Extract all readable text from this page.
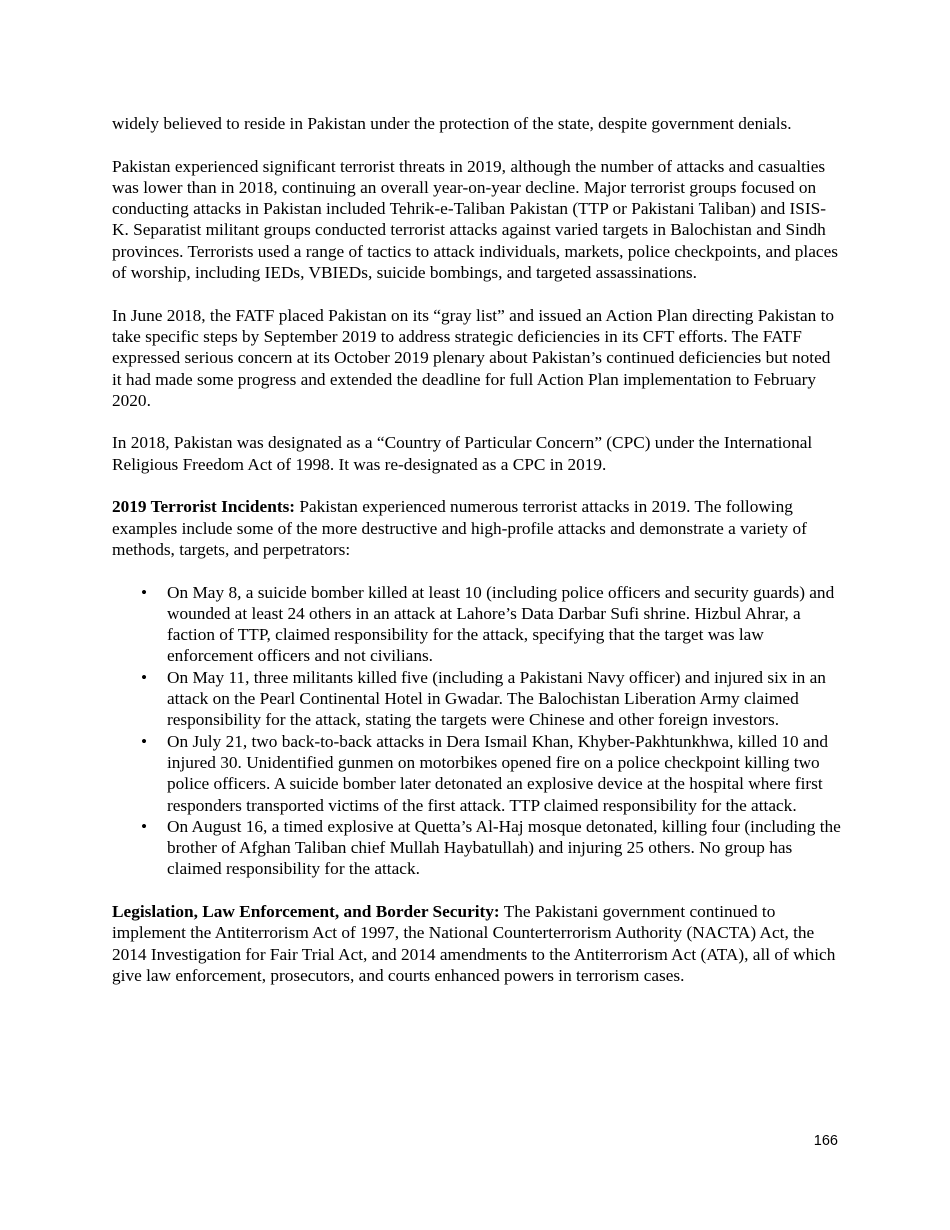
widely believed to reside in Pakistan under the protection of the state, despite government denials.

Pakistan experienced significant terrorist threats in 2019, although the number of attacks and casualties was lower than in 2018, continuing an overall year-on-year decline. Major terrorist groups focused on conducting attacks in Pakistan included Tehrik-e-Taliban Pakistan (TTP or Pakistani Taliban) and ISIS-K. Separatist militant groups conducted terrorist attacks against varied targets in Balochistan and Sindh provinces. Terrorists used a range of tactics to attack individuals, markets, police checkpoints, and places of worship, including IEDs, VBIEDs, suicide bombings, and targeted assassinations.

In June 2018, the FATF placed Pakistan on its “gray list” and issued an Action Plan directing Pakistan to take specific steps by September 2019 to address strategic deficiencies in its CFT efforts. The FATF expressed serious concern at its October 2019 plenary about Pakistan’s continued deficiencies but noted it had made some progress and extended the deadline for full Action Plan implementation to February 2020.

In 2018, Pakistan was designated as a “Country of Particular Concern” (CPC) under the International Religious Freedom Act of 1998. It was re-designated as a CPC in 2019.

2019 Terrorist Incidents: Pakistan experienced numerous terrorist attacks in 2019. The following examples include some of the more destructive and high-profile attacks and demonstrate a variety of methods, targets, and perpetrators:

• On May 8, a suicide bomber killed at least 10 (including police officers and security guards) and wounded at least 24 others in an attack at Lahore’s Data Darbar Sufi shrine. Hizbul Ahrar, a faction of TTP, claimed responsibility for the attack, specifying that the target was law enforcement officers and not civilians.
• On May 11, three militants killed five (including a Pakistani Navy officer) and injured six in an attack on the Pearl Continental Hotel in Gwadar. The Balochistan Liberation Army claimed responsibility for the attack, stating the targets were Chinese and other foreign investors.
• On July 21, two back-to-back attacks in Dera Ismail Khan, Khyber-Pakhtunkhwa, killed 10 and injured 30. Unidentified gunmen on motorbikes opened fire on a police checkpoint killing two police officers. A suicide bomber later detonated an explosive device at the hospital where first responders transported victims of the first attack. TTP claimed responsibility for the attack.
• On August 16, a timed explosive at Quetta’s Al-Haj mosque detonated, killing four (including the brother of Afghan Taliban chief Mullah Haybatullah) and injuring 25 others. No group has claimed responsibility for the attack.

Legislation, Law Enforcement, and Border Security: The Pakistani government continued to implement the Antiterrorism Act of 1997, the National Counterterrorism Authority (NACTA) Act, the 2014 Investigation for Fair Trial Act, and 2014 amendments to the Antiterrorism Act (ATA), all of which give law enforcement, prosecutors, and courts enhanced powers in terrorism cases.

166
